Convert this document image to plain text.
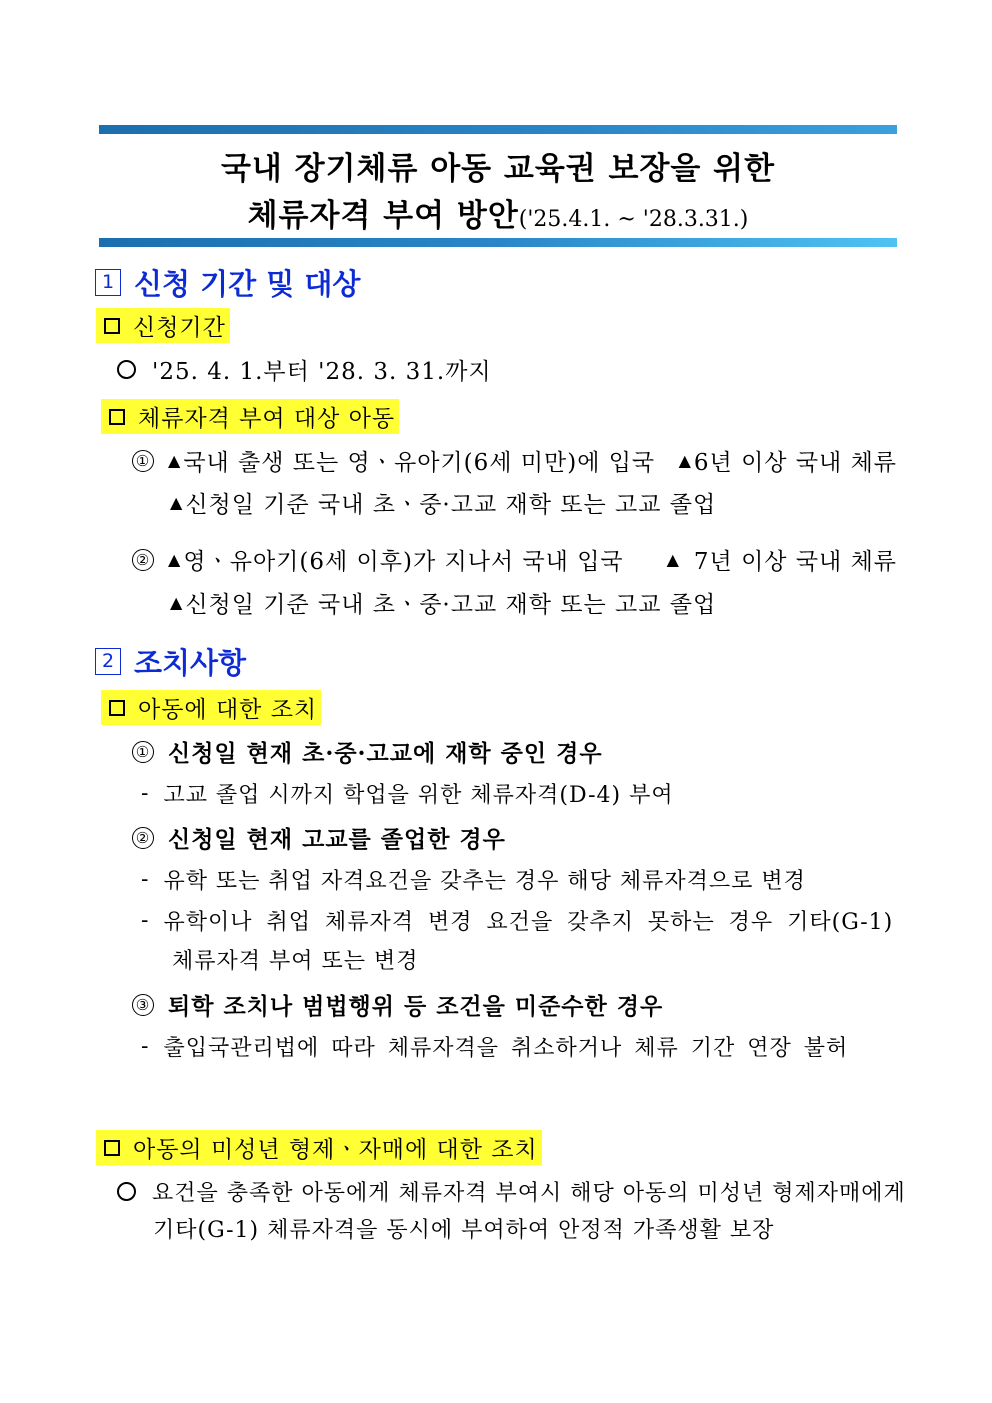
국내 장기체류 아동 교육권 보장을 위한
체류자격 부여 방안('25.4.1. ~ '28.3.31.)
1 신청 기간 및 대상
신청기간
'25. 4. 1.부터 '28. 3. 31.까지
체류자격 부여 대상 아동
① ▲ 국내 출생 또는 영ㆍ유아기(6세 미만)에 입국 ▲ 6년 이상 국내 체류
▲ 신청일 기준 국내 초ㆍ중·고교 재학 또는 고교 졸업
② ▲ 영ㆍ유아기(6세 이후)가 지나서 국내 입국	▲ 7년 이상 국내 체류
▲ 신청일 기준 국내 초ㆍ중·고교 재학 또는 고교 졸업
2 조치사항
아동에 대한 조치
① 신청일 현재 초·중·고교에 재학 중인 경우
- 고교 졸업 시까지 학업을 위한 체류자격(D-4) 부여
② 신청일 현재 고교를 졸업한 경우
- 유학 또는 취업 자격요건을 갖추는 경우 해당 체류자격으로 변경
- 유학이나 취업 체류자격 변경 요건을 갖추지 못하는 경우 기타(G-1)
체류자격 부여 또는 변경
③ 퇴학 조치나 범법행위 등 조건을 미준수한 경우
- 출입국관리법에 따라 체류자격을 취소하거나 체류 기간 연장 불허
아동의 미성년 형제ㆍ자매에 대한 조치
요건을 충족한 아동에게 체류자격 부여시 해당 아동의 미성년 형제자매에게
기타(G-1) 체류자격을 동시에 부여하여 안정적 가족생활 보장
